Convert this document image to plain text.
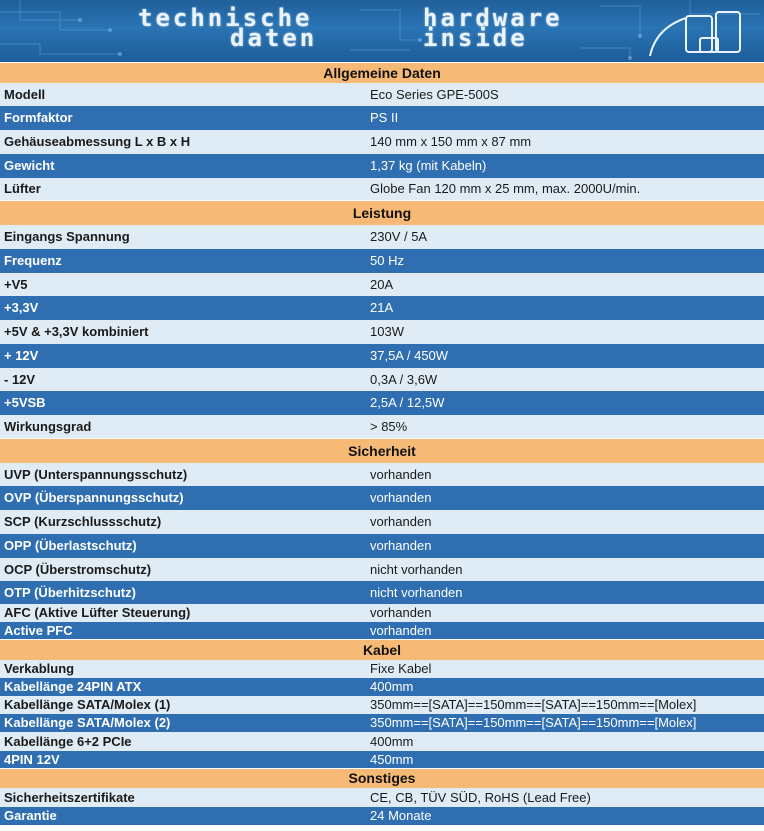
technische
daten
hardware
inside
Allgemeine Daten	
Modell	Eco Series GPE-500S
Formfaktor	PS II
Gehäuseabmessung L x B x H	140 mm x 150 mm x 87 mm
Gewicht	1,37 kg (mit Kabeln)
Lüfter	Globe Fan 120 mm x 25 mm, max. 2000U/min.
Leistung	
Eingangs Spannung	230V / 5A
Frequenz	50 Hz
+V5	20A
+3,3V	21A
+5V & +3,3V kombiniert	103W
+ 12V	37,5A / 450W
- 12V	0,3A / 3,6W
+5VSB	2,5A / 12,5W
Wirkungsgrad	> 85%
Sicherheit	
UVP (Unterspannungsschutz)	vorhanden
OVP (Überspannungsschutz)	vorhanden
SCP (Kurzschlussschutz)	vorhanden
OPP (Überlastschutz)	vorhanden
OCP (Überstromschutz)	nicht vorhanden
OTP (Überhitzschutz)	nicht vorhanden
AFC (Aktive Lüfter Steuerung)	vorhanden
Active PFC	vorhanden
Kabel	
Verkablung	Fixe Kabel
Kabellänge 24PIN ATX	400mm
Kabellänge SATA/Molex (1)	350mm==[SATA]==150mm==[SATA]==150mm==[Molex]
Kabellänge SATA/Molex (2)	350mm==[SATA]==150mm==[SATA]==150mm==[Molex]
Kabellänge 6+2 PCIe	400mm
4PIN 12V	450mm
Sonstiges	
Sicherheitszertifikate	CE, CB, TÜV SÜD, RoHS (Lead Free)
Garantie	24 Monate
